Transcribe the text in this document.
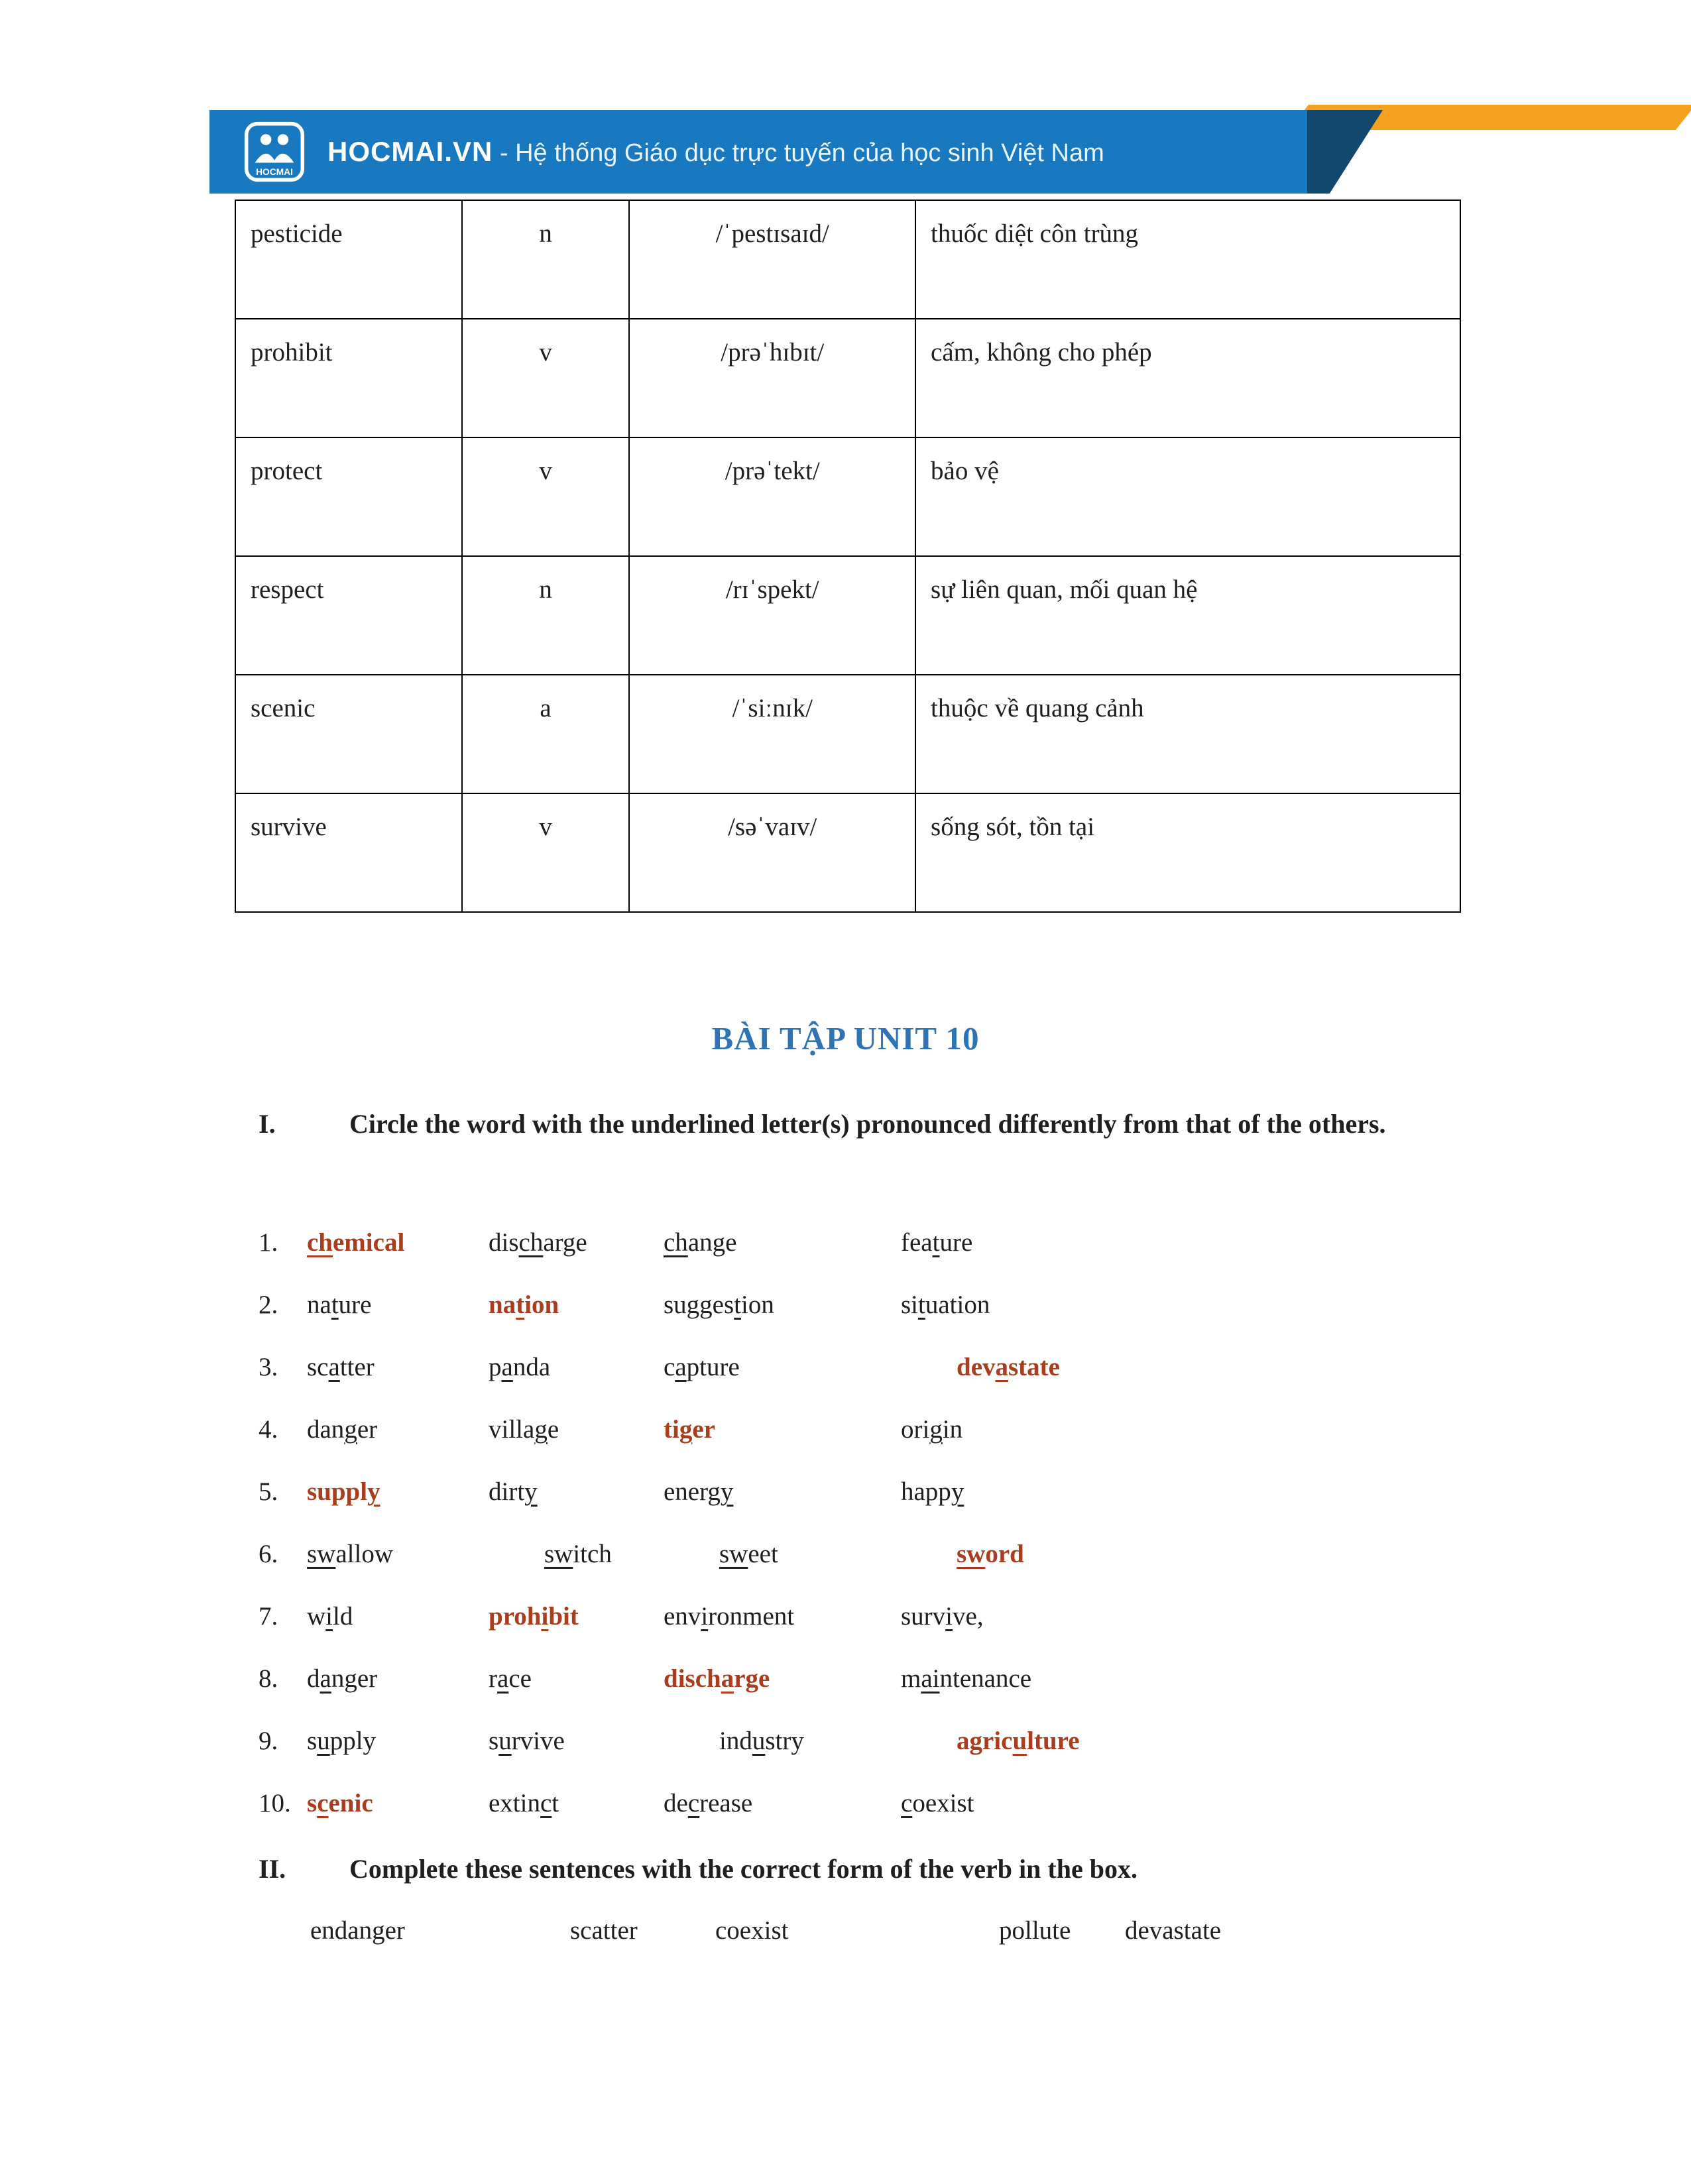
HOCMAI
HOCMAI.VN - Hệ thống Giáo dục trực tuyến của học sinh Việt Nam
pesticide	n	/ˈpestɪsaɪd/	thuốc diệt côn trùng
prohibit	v	/prəˈhɪbɪt/	cấm, không cho phép
protect	v	/prəˈtekt/	bảo vệ
respect	n	/rɪˈspekt/	sự liên quan, mối quan hệ
scenic	a	/ˈsiːnɪk/	thuộc về quang cảnh
survive	v	/səˈvaɪv/	sống sót, tồn tại
BÀI TẬP UNIT 10
I.	Circle the word with the underlined letter(s) pronounced differently from that of the others.
1.	chemical	discharge	change	feature
2.	nature	nation	suggestion	situation
3.	scatter	panda	capture	devastate
4.	danger	village	tiger	origin
5.	supply	dirty	energy	happy
6.	swallow	switch	sweet	sword
7.	wild	prohibit	environment	survive,
8.	danger	race	discharge	maintenance
9.	supply	survive	industry	agriculture
10. scenic	extinct	decrease	coexist
II.	Complete these sentences with the correct form of the verb in the box.
endanger	scatter	coexist	pollute	devastate
